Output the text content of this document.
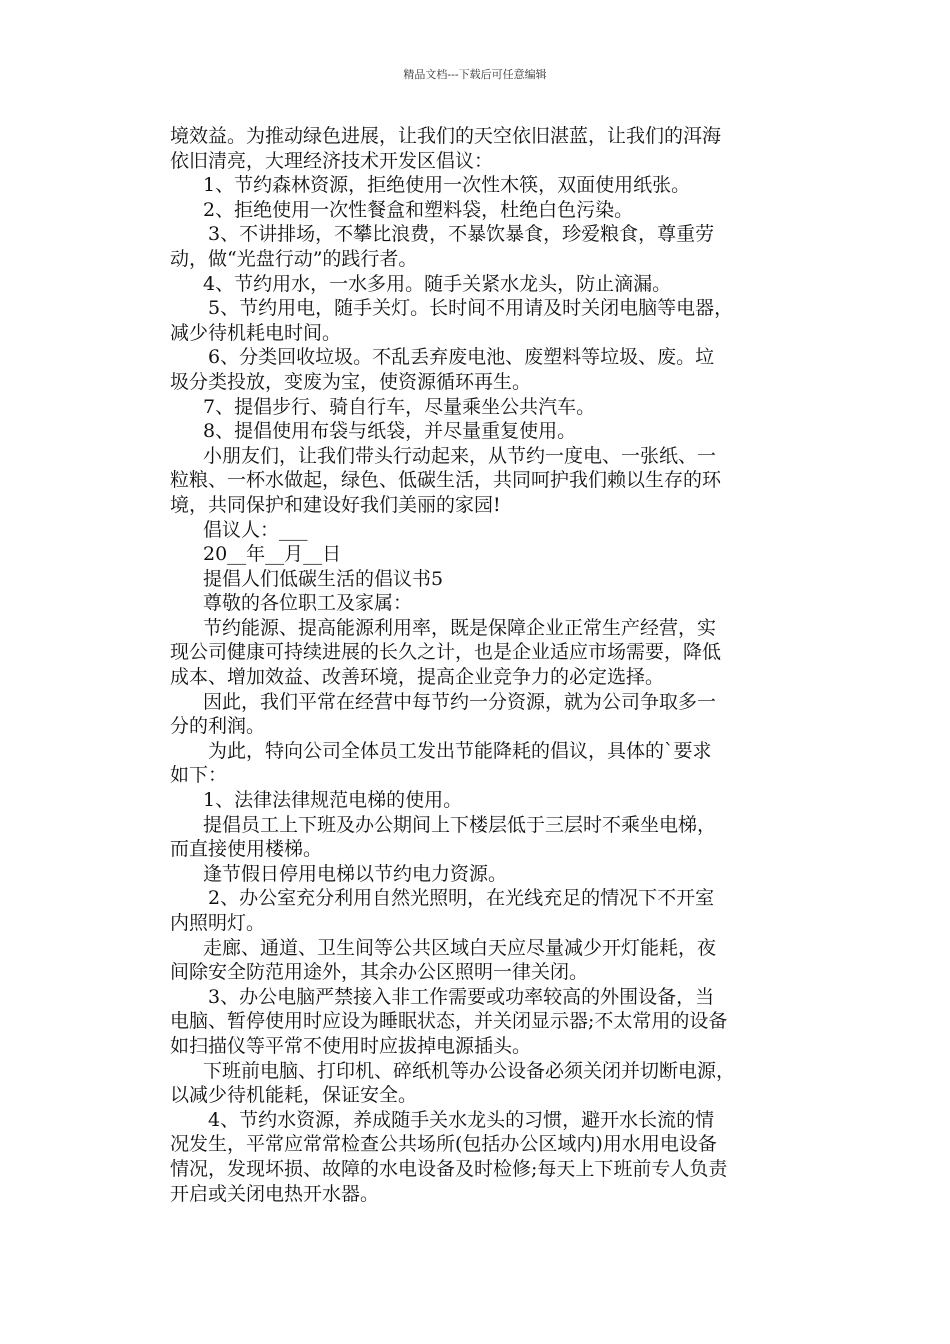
精品文档---下载后可任意编辑
境效益。为推动绿色进展，让我们的天空依旧湛蓝，让我们的洱海
依旧清亮，大理经济技术开发区倡议：
1、节约森林资源，拒绝使用一次性木筷，双面使用纸张。
2、拒绝使用一次性餐盒和塑料袋，杜绝白色污染。
3、不讲排场，不攀比浪费，不暴饮暴食，珍爱粮食，尊重劳
动，做“光盘行动”的践行者。
4、节约用水，一水多用。随手关紧水龙头，防止滴漏。
5、节约用电，随手关灯。长时间不用请及时关闭电脑等电器，
减少待机耗电时间。
6、分类回收垃圾。不乱丢弃废电池、废塑料等垃圾、废。垃
圾分类投放，变废为宝，使资源循环再生。
7、提倡步行、骑自行车，尽量乘坐公共汽车。
8、提倡使用布袋与纸袋，并尽量重复使用。
小朋友们，让我们带头行动起来，从节约一度电、一张纸、一
粒粮、一杯水做起，绿色、低碳生活，共同呵护我们赖以生存的环
境，共同保护和建设好我们美丽的家园!
倡议人：___
20__年__月__日
提倡人们低碳生活的倡议书5
尊敬的各位职工及家属：
节约能源、提高能源利用率，既是保障企业正常生产经营，实
现公司健康可持续进展的长久之计，也是企业适应市场需要，降低
成本、增加效益、改善环境，提高企业竞争力的必定选择。
因此，我们平常在经营中每节约一分资源，就为公司争取多一
分的利润。
为此，特向公司全体员工发出节能降耗的倡议，具体的`要求
如下：
1、法律法律规范电梯的使用。
提倡员工上下班及办公期间上下楼层低于三层时不乘坐电梯，
而直接使用楼梯。
逢节假日停用电梯以节约电力资源。
2、办公室充分利用自然光照明，在光线充足的情况下不开室
内照明灯。
走廊、通道、卫生间等公共区域白天应尽量减少开灯能耗，夜
间除安全防范用途外，其余办公区照明一律关闭。
3、办公电脑严禁接入非工作需要或功率较高的外围设备，当
电脑、暂停使用时应设为睡眠状态，并关闭显示器;不太常用的设备
如扫描仪等平常不使用时应拔掉电源插头。
下班前电脑、打印机、碎纸机等办公设备必须关闭并切断电源，
以减少待机能耗，保证安全。
4、节约水资源，养成随手关水龙头的习惯，避开水长流的情
况发生，平常应常常检查公共场所(包括办公区域内)用水用电设备
情况，发现坏损、故障的水电设备及时检修;每天上下班前专人负责
开启或关闭电热开水器。
